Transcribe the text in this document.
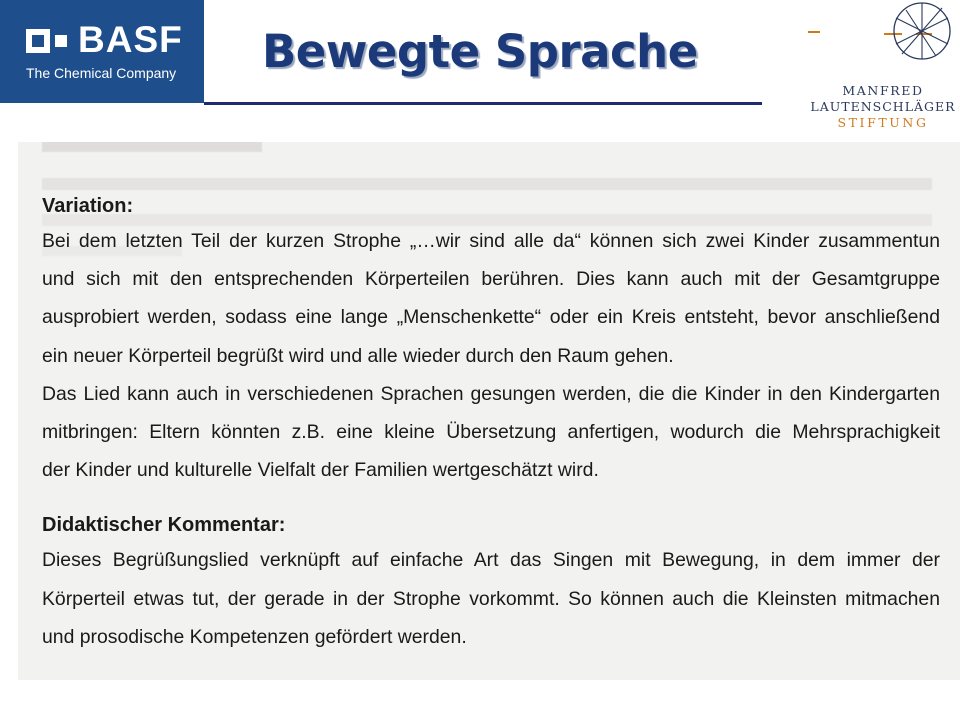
BASF
The Chemical Company Bewegte Sprache
MANFRED
LAUTENSCHLÄGER
STIFTUNG
Variation:
Bei dem letzten Teil der kurzen Strophe „…wir sind alle da“ können sich zwei Kinder zusammentun
und sich mit den entsprechenden Körperteilen berühren. Dies kann auch mit der Gesamtgruppe
ausprobiert werden, sodass eine lange „Menschenkette“ oder ein Kreis entsteht, bevor anschließend
ein neuer Körperteil begrüßt wird und alle wieder durch den Raum gehen.
Das Lied kann auch in verschiedenen Sprachen gesungen werden, die die Kinder in den Kindergarten
mitbringen: Eltern könnten z.B. eine kleine Übersetzung anfertigen, wodurch die Mehrsprachigkeit
der Kinder und kulturelle Vielfalt der Familien wertgeschätzt wird.
Didaktischer Kommentar:
Dieses Begrüßungslied verknüpft auf einfache Art das Singen mit Bewegung, in dem immer der
Körperteil etwas tut, der gerade in der Strophe vorkommt. So können auch die Kleinsten mitmachen
und prosodische Kompetenzen gefördert werden.
